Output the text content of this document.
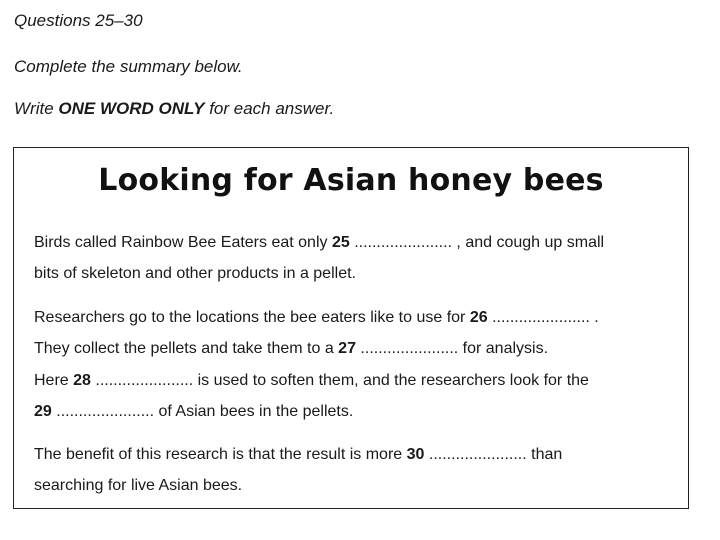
Questions 25–30
Complete the summary below.
Write ONE WORD ONLY for each answer.
Looking for Asian honey bees
Birds called Rainbow Bee Eaters eat only 25 ...................... , and cough up small
bits of skeleton and other products in a pellet.
Researchers go to the locations the bee eaters like to use for 26 ...................... .
They collect the pellets and take them to a 27 ...................... for analysis.
Here 28 ...................... is used to soften them, and the researchers look for the
29 ...................... of Asian bees in the pellets.
The benefit of this research is that the result is more 30 ...................... than
searching for live Asian bees.
